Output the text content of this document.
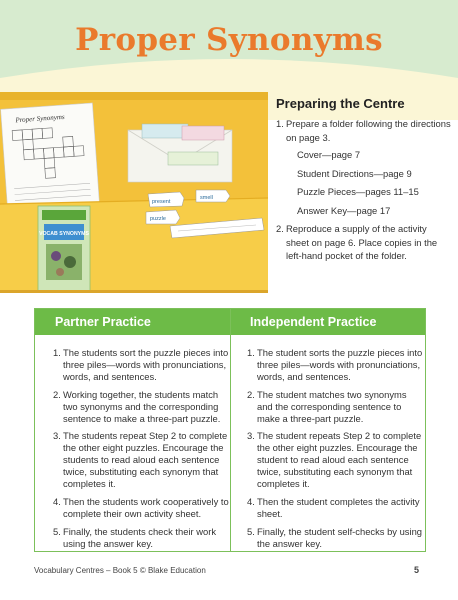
Proper Synonyms
Proper Synonyms
present
smell
puzzle
VOCAB SYNONYMS
Preparing the Centre
1. Prepare a folder following the directions on page 3.
Cover—page 7
Student Directions—page 9
Puzzle Pieces—pages 11–15
Answer Key—page 17
2. Reproduce a supply of the activity sheet on page 6. Place copies in the left-hand pocket of the folder.
Partner Practice	Independent Practice
1. The students sort the puzzle pieces into three piles—words with pronunciations, words, and sentences.
2. Working together, the students match two synonyms and the corresponding sentence to make a three-part puzzle.
3. The students repeat Step 2 to complete the other eight puzzles. Encourage the students to read aloud each sentence twice, substituting each synonym that completes it.
4. Then the students work cooperatively to complete their own activity sheet.
5. Finally, the students check their work using the answer key.
1. The student sorts the puzzle pieces into three piles—words with pronunciations, words, and sentences.
2. The student matches two synonyms and the corresponding sentence to make a three-part puzzle.
3. The student repeats Step 2 to complete the other eight puzzles. Encourage the student to read aloud each sentence twice, substituting each synonym that completes it.
4. Then the student completes the activity sheet.
5. Finally, the student self-checks by using the answer key.
Vocabulary Centres – Book 5 © Blake Education	5
